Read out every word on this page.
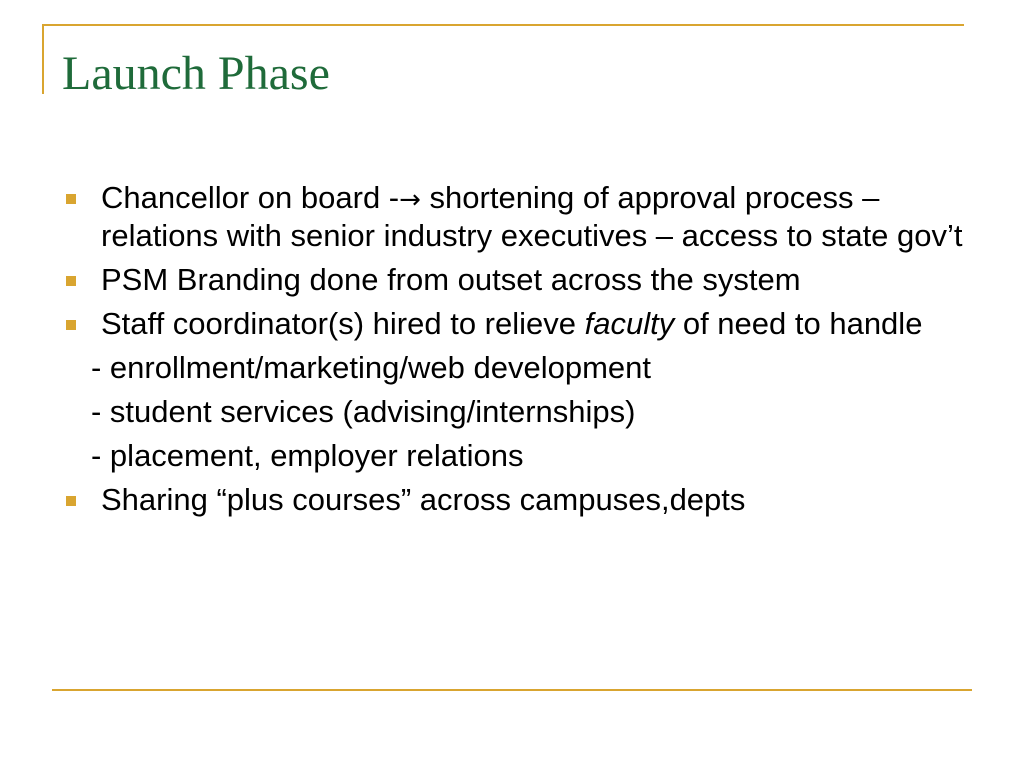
Launch Phase
Chancellor on board -→ shortening of approval process – relations with senior industry executives – access to state gov’t
PSM Branding done from outset across the system
Staff coordinator(s) hired to relieve faculty of need to handle
- enrollment/marketing/web development
- student services (advising/internships)
- placement, employer relations
Sharing “plus courses” across campuses,depts
